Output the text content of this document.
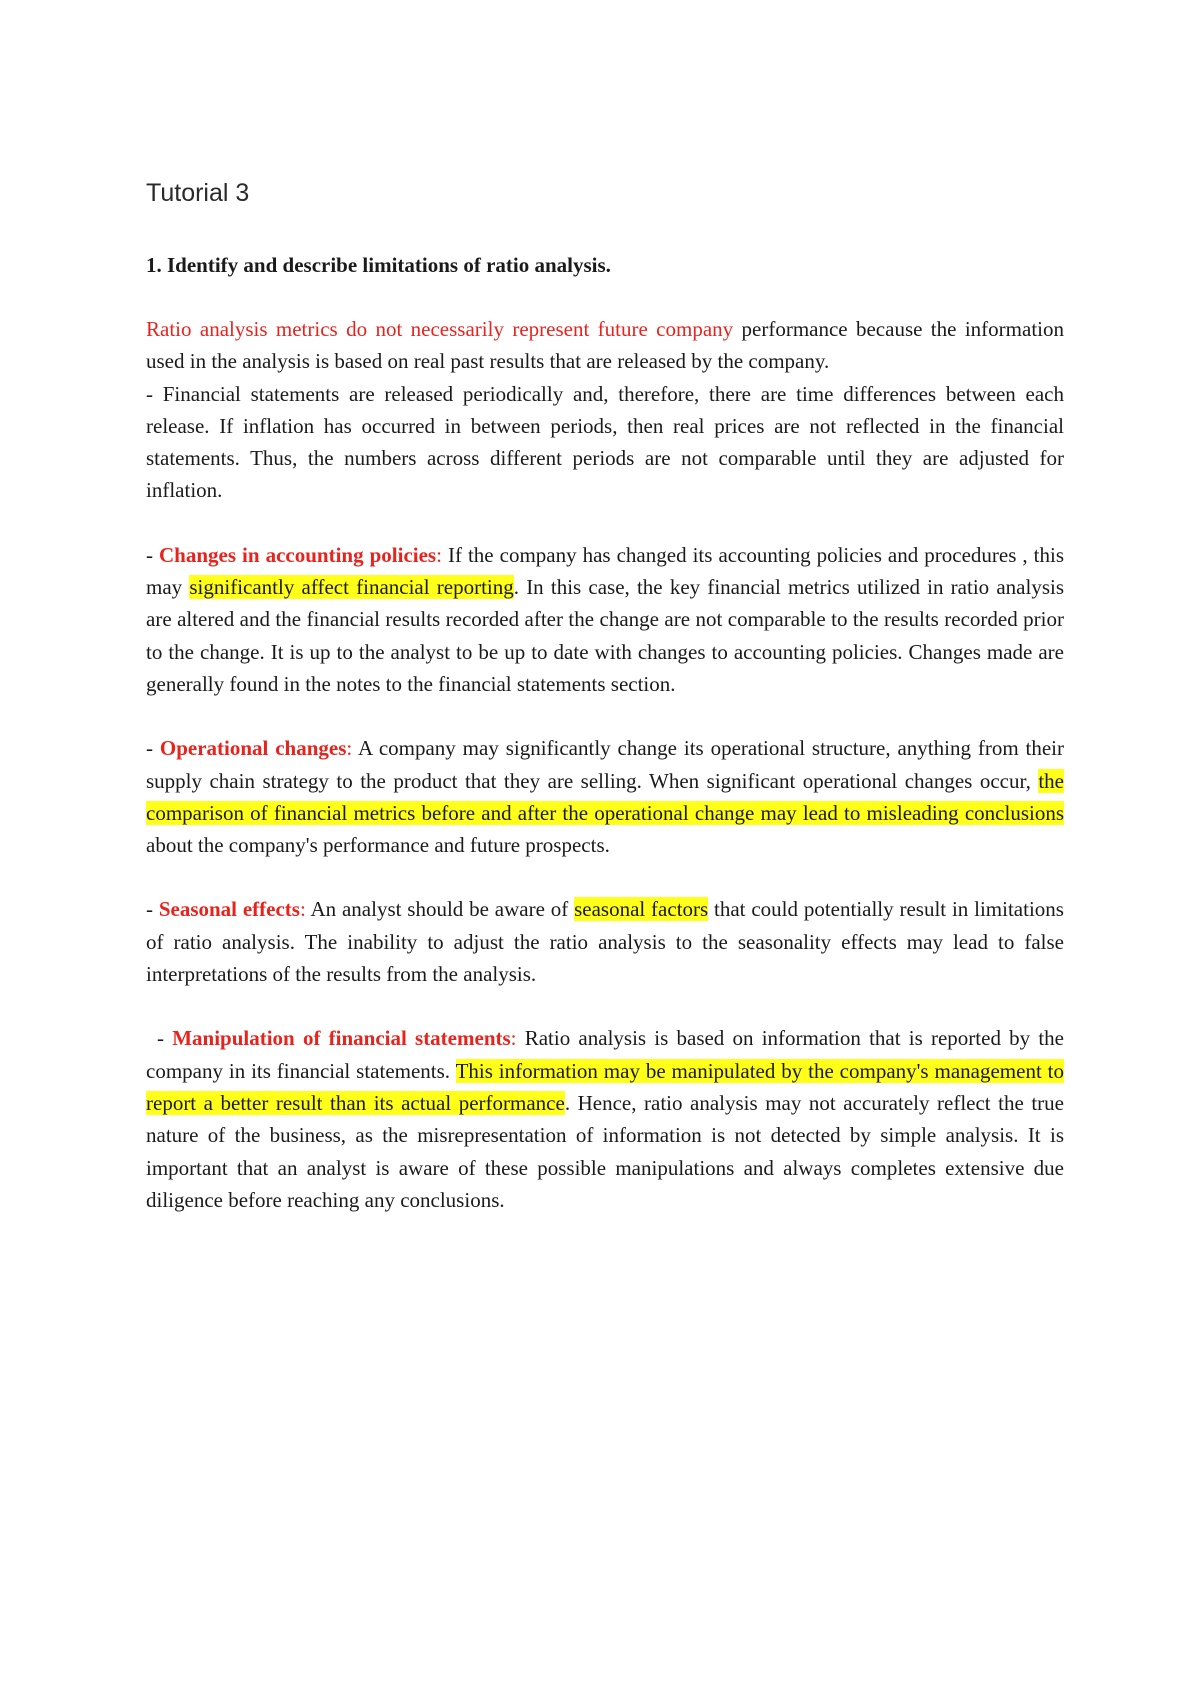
Tutorial 3
1. Identify and describe limitations of ratio analysis.

Ratio analysis metrics do not necessarily represent future company performance because the information used in the analysis is based on real past results that are released by the company.

- Financial statements are released periodically and, therefore, there are time differences between each release. If inflation has occurred in between periods, then real prices are not reflected in the financial statements. Thus, the numbers across different periods are not comparable until they are adjusted for inflation.

- Changes in accounting policies: If the company has changed its accounting policies and procedures , this may significantly affect financial reporting. In this case, the key financial metrics utilized in ratio analysis are altered and the financial results recorded after the change are not comparable to the results recorded prior to the change. It is up to the analyst to be up to date with changes to accounting policies. Changes made are generally found in the notes to the financial statements section.

- Operational changes: A company may significantly change its operational structure, anything from their supply chain strategy to the product that they are selling. When significant operational changes occur, the comparison of financial metrics before and after the operational change may lead to misleading conclusions about the company's performance and future prospects.

- Seasonal effects: An analyst should be aware of seasonal factors that could potentially result in limitations of ratio analysis. The inability to adjust the ratio analysis to the seasonality effects may lead to false interpretations of the results from the analysis.

- Manipulation of financial statements: Ratio analysis is based on information that is reported by the company in its financial statements. This information may be manipulated by the company's management to report a better result than its actual performance. Hence, ratio analysis may not accurately reflect the true nature of the business, as the misrepresentation of information is not detected by simple analysis. It is important that an analyst is aware of these possible manipulations and always completes extensive due diligence before reaching any conclusions.
